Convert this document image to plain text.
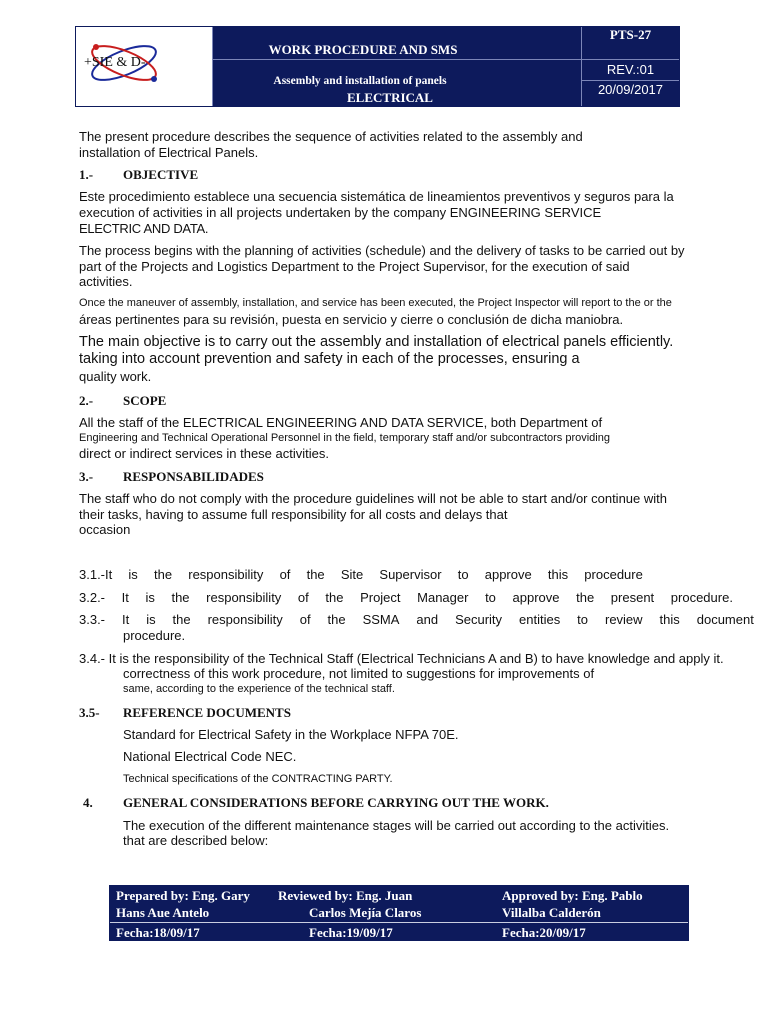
+SIE & D-
WORK PROCEDURE AND SMS
Assembly and installation of panels
ELECTRICAL
PTS-27
REV.:01
20/09/2017
The present procedure describes the sequence of activities related to the assembly and
installation of Electrical Panels.
1.- OBJECTIVE
Este procedimiento establece una secuencia sistemática de lineamientos preventivos y seguros para la
execution of activities in all projects undertaken by the company ENGINEERING SERVICE
ELECTRIC AND DATA.
The process begins with the planning of activities (schedule) and the delivery of tasks to be carried out by
part of the Projects and Logistics Department to the Project Supervisor, for the execution of said
activities.
Once the maneuver of assembly, installation, and service has been executed, the Project Inspector will report to the or the
áreas pertinentes para su revisión, puesta en servicio y cierre o conclusión de dicha maniobra.
The main objective is to carry out the assembly and installation of electrical panels efficiently.
taking into account prevention and safety in each of the processes, ensuring a
quality work.
2.- SCOPE
All the staff of the ELECTRICAL ENGINEERING AND DATA SERVICE, both Department of
Engineering and Technical Operational Personnel in the field, temporary staff and/or subcontractors providing
direct or indirect services in these activities.
3.- RESPONSABILIDADES
The staff who do not comply with the procedure guidelines will not be able to start and/or continue with
their tasks, having to assume full responsibility for all costs and delays that
occasion
3.1.-It is the responsibility of the Site Supervisor to approve this procedure
3.2.- It is the responsibility of the Project Manager to approve the present procedure.
3.3.- It is the responsibility of the SSMA and Security entities to review this document
procedure.
3.4.- It is the responsibility of the Technical Staff (Electrical Technicians A and B) to have knowledge and apply it.
correctness of this work procedure, not limited to suggestions for improvements of
same, according to the experience of the technical staff.
3.5- REFERENCE DOCUMENTS
Standard for Electrical Safety in the Workplace NFPA 70E.
National Electrical Code NEC.
Technical specifications of the CONTRACTING PARTY.
4. GENERAL CONSIDERATIONS BEFORE CARRYING OUT THE WORK.
The execution of the different maintenance stages will be carried out according to the activities.
that are described below:
Prepared by: Eng. Gary
Hans Aue Antelo
Reviewed by: Eng. Juan
Carlos Mejía Claros
Approved by: Eng. Pablo
Villalba Calderón
Fecha:18/09/17	Fecha:19/09/17	Fecha:20/09/17
